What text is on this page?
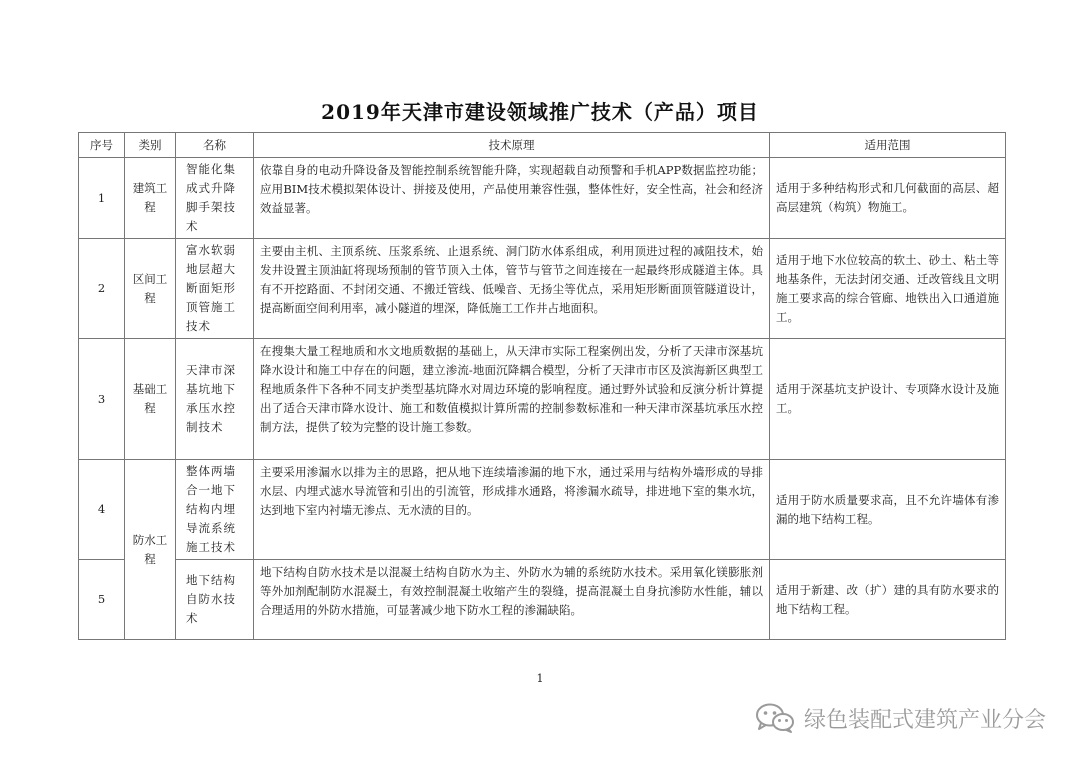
2019年天津市建设领域推广技术（产品）项目
序号	类别	名称	技术原理	适用范围
1	建筑工程	智能化集成式升降脚手架技术	依靠自身的电动升降设备及智能控制系统智能升降，实现超载自动预警和手机APP数据监控功能；应用BIM技术模拟架体设计、拼接及使用，产品使用兼容性强，整体性好，安全性高，社会和经济效益显著。	适用于多种结构形式和几何截面的高层、超高层建筑（构筑）物施工。
2	区间工程	富水软弱地层超大断面矩形顶管施工技术	主要由主机、主顶系统、压浆系统、止退系统、洞门防水体系组成，利用顶进过程的减阻技术，始发井设置主顶油缸将现场预制的管节顶入土体，管节与管节之间连接在一起最终形成隧道主体。具有不开挖路面、不封闭交通、不搬迁管线、低噪音、无扬尘等优点，采用矩形断面顶管隧道设计，提高断面空间利用率，减小隧道的埋深，降低施工工作井占地面积。	适用于地下水位较高的软土、砂土、粘土等地基条件，无法封闭交通、迁改管线且文明施工要求高的综合管廊、地铁出入口通道施工。
3	基础工程	天津市深基坑地下承压水控制技术	在搜集大量工程地质和水文地质数据的基础上，从天津市实际工程案例出发，分析了天津市深基坑降水设计和施工中存在的问题，建立渗流-地面沉降耦合模型，分析了天津市市区及滨海新区典型工程地质条件下各种不同支护类型基坑降水对周边环境的影响程度。通过野外试验和反演分析计算提出了适合天津市降水设计、施工和数值模拟计算所需的控制参数标准和一种天津市深基坑承压水控制方法，提供了较为完整的设计施工参数。	适用于深基坑支护设计、专项降水设计及施工。
4	防水工程	整体两墙合一地下结构内埋导流系统施工技术	主要采用渗漏水以排为主的思路，把从地下连续墙渗漏的地下水，通过采用与结构外墙形成的导排水层、内埋式滤水导流管和引出的引流管，形成排水通路，将渗漏水疏导，排进地下室的集水坑，达到地下室内衬墙无渗点、无水渍的目的。	适用于防水质量要求高，且不允许墙体有渗漏的地下结构工程。
5		地下结构自防水技术	地下结构自防水技术是以混凝土结构自防水为主、外防水为辅的系统防水技术。采用氧化镁膨胀剂等外加剂配制防水混凝土，有效控制混凝土收缩产生的裂缝，提高混凝土自身抗渗防水性能，辅以合理适用的外防水措施，可显著减少地下防水工程的渗漏缺陷。	适用于新建、改（扩）建的具有防水要求的地下结构工程。
1
绿色装配式建筑产业分会
